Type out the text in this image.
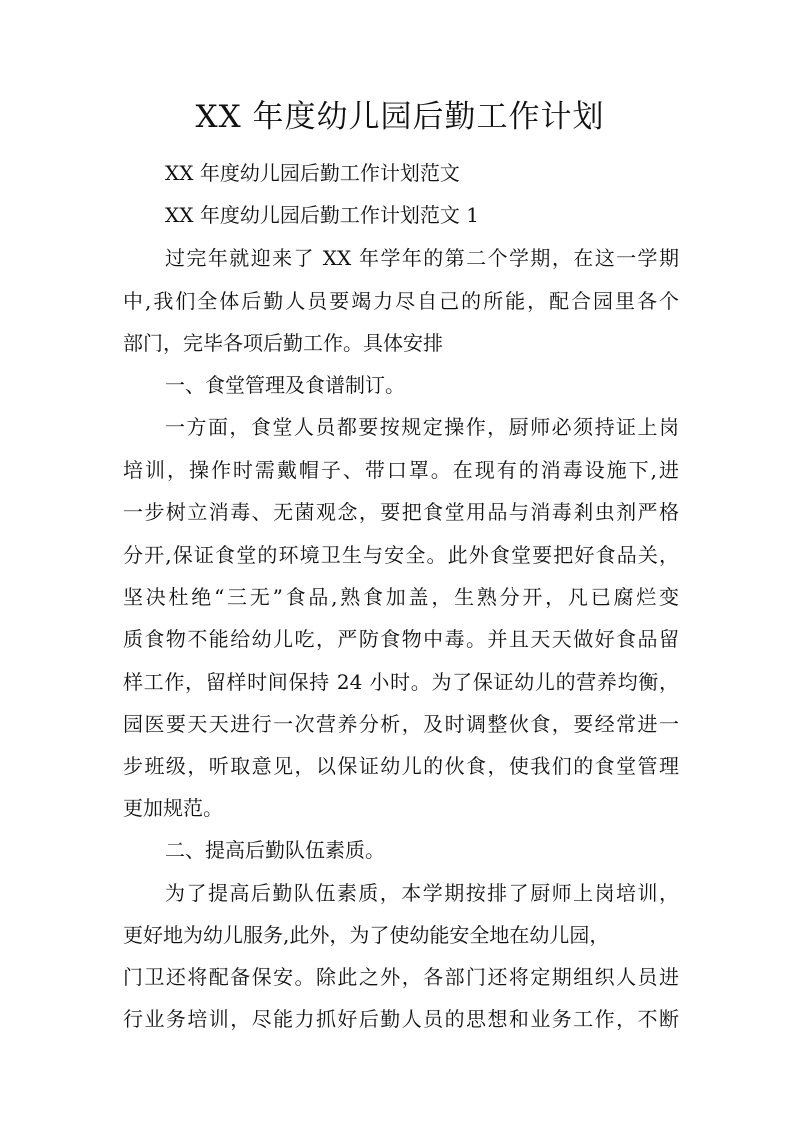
XX 年度幼儿园后勤工作计划
XX 年度幼儿园后勤工作计划范文
XX 年度幼儿园后勤工作计划范文 1
过完年就迎来了 XX 年学年的第二个学期，在这一学期
中,我们全体后勤人员要竭力尽自己的所能，配合园里各个
部门，完毕各项后勤工作。具体安排
一、食堂管理及食谱制订。
一方面，食堂人员都要按规定操作，厨师必须持证上岗
培训，操作时需戴帽子、带口罩。在现有的消毒设施下,进
一步树立消毒、无菌观念，要把食堂用品与消毒剎虫剂严格
分开,保证食堂的环境卫生与安全。此外食堂要把好食品关，
坚决杜绝“三无”食品,熟食加盖，生熟分开，凡已腐烂变
质食物不能给幼儿吃，严防食物中毒。并且天天做好食品留
样工作，留样时间保持 24 小时。为了保证幼儿的营养均衡，
园医要天天进行一次营养分析，及时调整伙食，要经常进一
步班级，听取意见，以保证幼儿的伙食，使我们的食堂管理
更加规范。
二、提高后勤队伍素质。
为了提高后勤队伍素质，本学期按排了厨师上岗培训，
更好地为幼儿服务,此外，为了使幼能安全地在幼儿园，
门卫还将配备保安。除此之外，各部门还将定期组织人员进
行业务培训，尽能力抓好后勤人员的思想和业务工作，不断
